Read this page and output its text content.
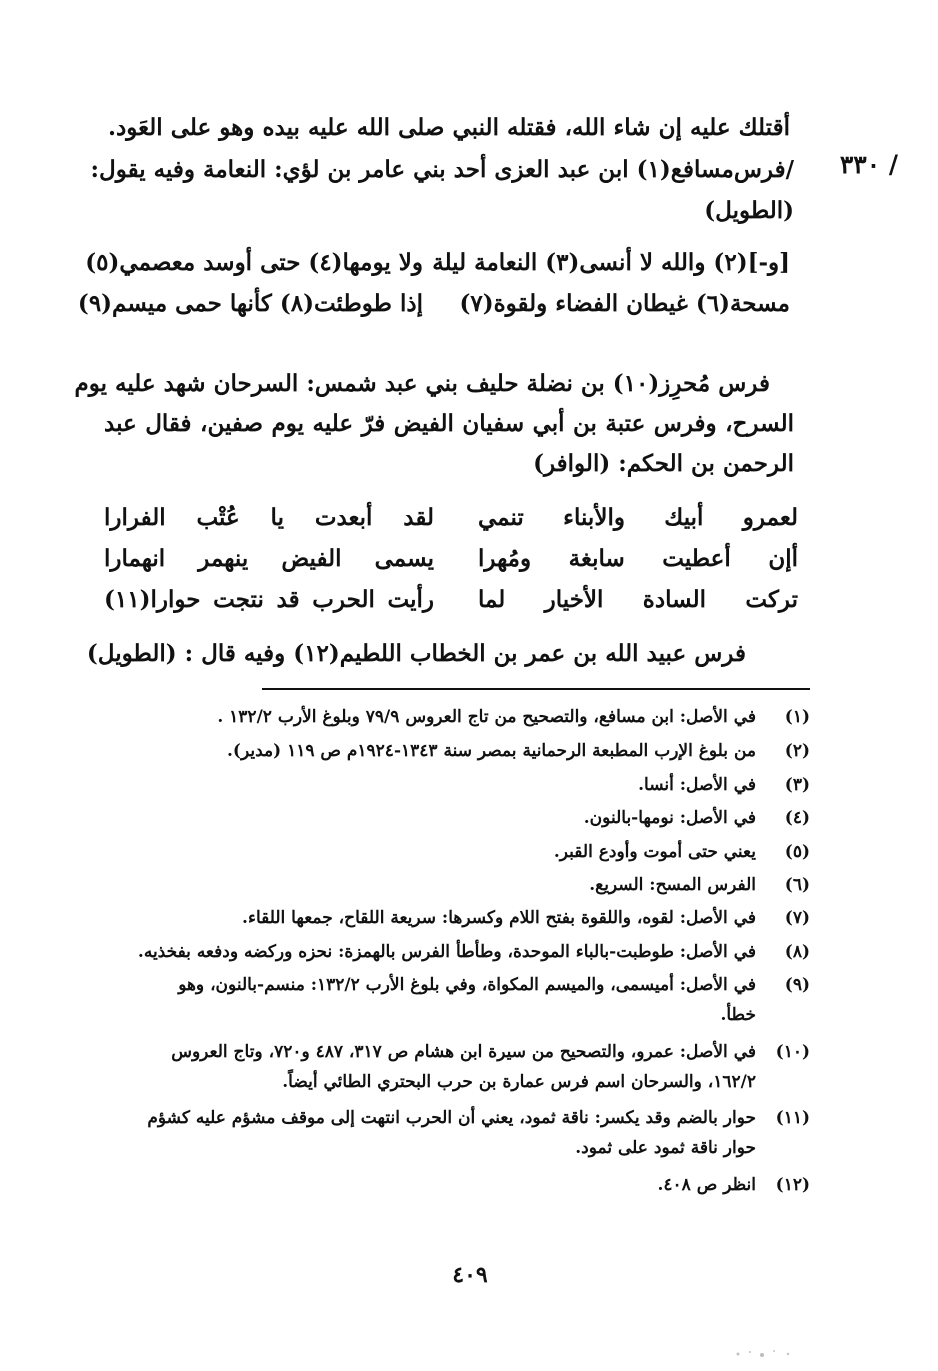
أقتلك عليه إن شاء الله، فقتله النبي صلى الله عليه بيده وهو على العَود.
/فرس‌مسافع(١) ابن عبد العزى أحد بني عامر بن لؤي: النعامة وفيه يقول:
(الطويل)
/ ٣٣٠
[و-](٢) والله لا أنسى(٣) النعامة ليلة
ولا يومها(٤) حتى أوسد معصمي(٥)
مسحة(٦) غيطان الفضاء ولقوة(٧)
إذا طوطئت(٨) كأنها حمى ميسم(٩)
فرس مُحرِز(١٠) بن نضلة حليف بني عبد شمس: السرحان شهد عليه يوم
السرح، وفرس عتبة بن أبي سفيان الفيض فرّ عليه يوم صفين، فقال عبد
الرحمن بن الحكم: (الوافر)
لعمرو أبيك والأبناء تنمي
لقد أبعدت يا عُتْب الفرارا
أإن أعطيت سابغة ومُهرا
يسمى الفيض ينهمر انهمارا
تركت السادة الأخيار لما
رأيت الحرب قد نتجت حوارا(١١)
فرس عبيد الله بن عمر بن الخطاب اللطيم(١٢) وفيه قال : (الطويل)
(١)
في الأصل: ابن مسافع، والتصحيح من تاج العروس ٧٩/٩ وبلوغ الأرب ١٣٢/٢ .
(٢)
من بلوغ الإرب المطبعة الرحمانية بمصر سنة ١٣٤٣-١٩٢٤م ص ١١٩ (مدير).
(٣)
في الأصل: أنسا.
(٤)
في الأصل: نومها-بالنون.
(٥)
يعني حتى أموت وأودع القبر.
(٦)
الفرس المسح: السريع.
(٧)
في الأصل: لقوه، واللقوة بفتح اللام وكسرها: سريعة اللقاح، جمعها اللقاء.
(٨)
في الأصل: طوطبت-بالباء الموحدة، وطأطأ الفرس بالهمزة: نحزه وركضه ودفعه بفخذيه.
(٩)
في الأصل: أميسمى، والميسم المكواة، وفي بلوغ الأرب ١٣٢/٢: منسم-بالنون، وهو
خطأ.
(١٠)
في الأصل: عمرو، والتصحيح من سيرة ابن هشام ص ٣١٧، ٤٨٧ و٧٢٠، وتاج العروس
١٦٢/٢، والسرحان اسم فرس عمارة بن حرب البحتري الطائي أيضاً.
(١١)
حوار بالضم وقد يكسر: ناقة ثمود، يعني أن الحرب انتهت إلى موقف مشؤم عليه كشؤم
حوار ناقة ثمود على ثمود.
(١٢)
انظر ص ٤٠٨.
٤٠٩
